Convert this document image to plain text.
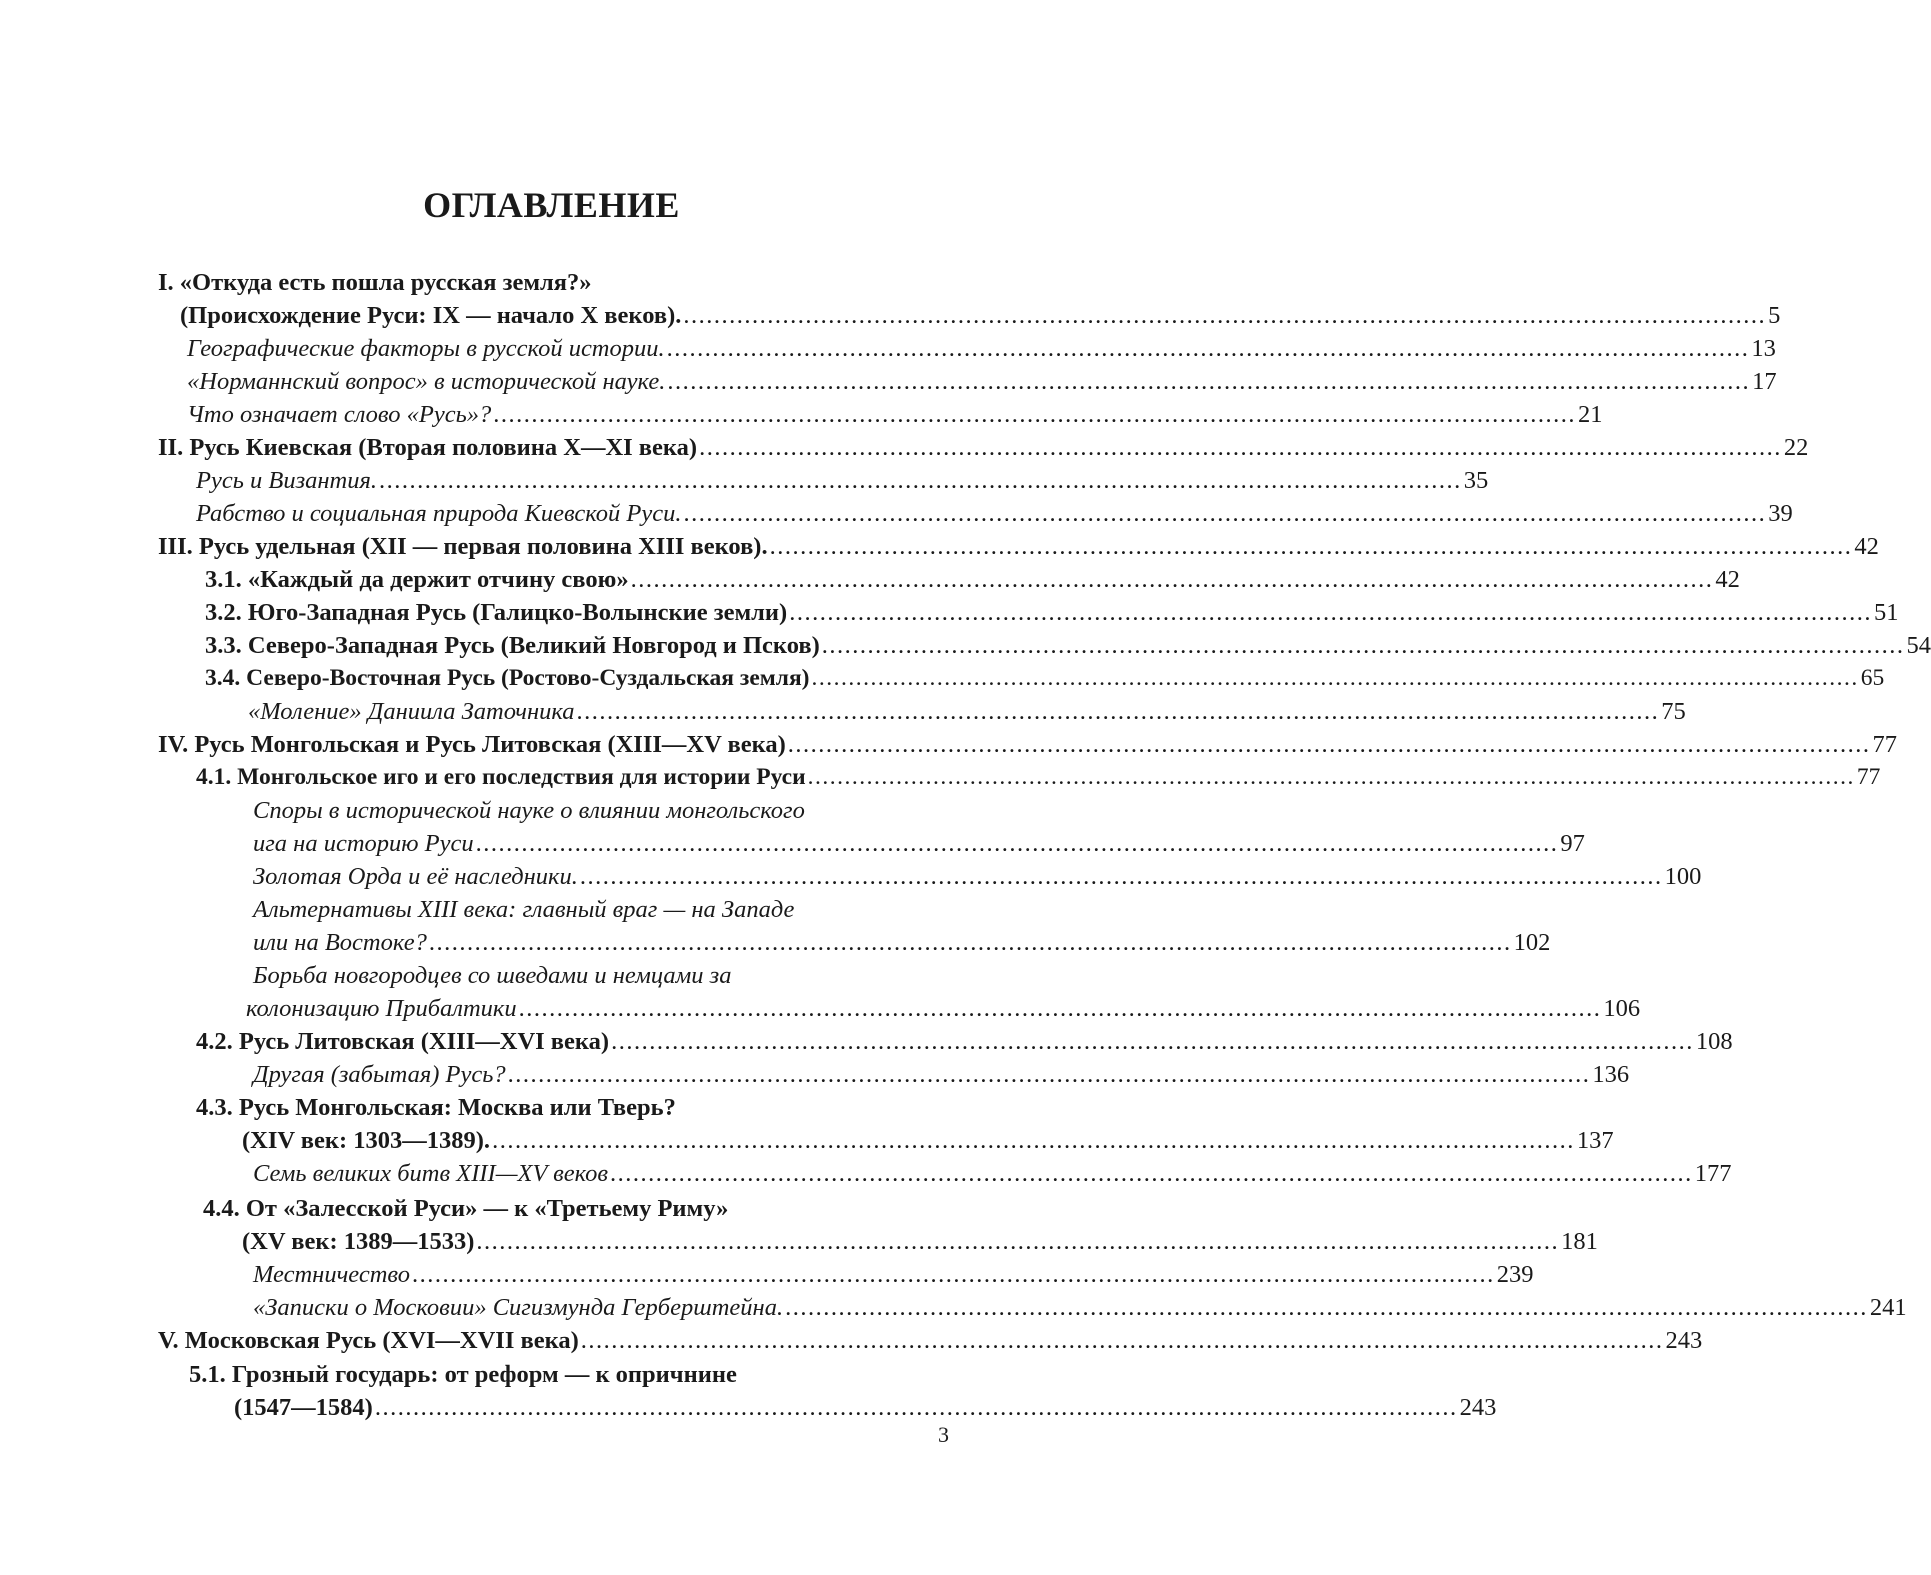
ОГЛАВЛЕНИЕ
I. «Откуда есть пошла русская земля?»
(Происхождение Руси: IX — начало X веков). .............................................................................................................................................. 5
Географические факторы в русской истории. .............................................................................................................................................. 13
«Норманнский вопрос» в исторической науке. .............................................................................................................................................. 17
Что означает слово «Русь»? .............................................................................................................................................. 21
II. Русь Киевская (Вторая половина X—XI века) .............................................................................................................................................. 22
Русь и Византия. .............................................................................................................................................. 35
Рабство и социальная природа Киевской Руси. .............................................................................................................................................. 39
III. Русь удельная (XII — первая половина XIII веков). .............................................................................................................................................. 42
3.1. «Каждый да держит отчину свою» .............................................................................................................................................. 42
3.2. Юго-Западная Русь (Галицко-Волынские земли) .............................................................................................................................................. 51
3.3. Северо-Западная Русь (Великий Новгород и Псков) .............................................................................................................................................. 54
3.4. Северо-Восточная Русь (Ростово-Суздальская земля) .............................................................................................................................................. 65
«Моление» Даниила Заточника .............................................................................................................................................. 75
IV. Русь Монгольская и Русь Литовская (XIII—XV века) .............................................................................................................................................. 77
4.1. Монгольское иго и его последствия для истории Руси .............................................................................................................................................. 77
Споры в исторической науке о влиянии монгольского
ига на историю Руси .............................................................................................................................................. 97
Золотая Орда и её наследники. .............................................................................................................................................. 100
Альтернативы XIII века: главный враг — на Западе
или на Востоке? .............................................................................................................................................. 102
Борьба новгородцев со шведами и немцами за
колонизацию Прибалтики .............................................................................................................................................. 106
4.2. Русь Литовская (XIII—XVI века) .............................................................................................................................................. 108
Другая (забытая) Русь? .............................................................................................................................................. 136
4.3. Русь Монгольская: Москва или Тверь?
(XIV век: 1303—1389). .............................................................................................................................................. 137
Семь великих битв XIII—XV веков .............................................................................................................................................. 177
4.4. От «Залесской Руси» — к «Третьему Риму»
(XV век: 1389—1533) .............................................................................................................................................. 181
Местничество .............................................................................................................................................. 239
«Записки о Московии» Сигизмунда Герберштейна. .............................................................................................................................................. 241
V. Московская Русь (XVI—XVII века) .............................................................................................................................................. 243
5.1. Грозный государь: от реформ — к опричнине
(1547—1584) .............................................................................................................................................. 243
3
